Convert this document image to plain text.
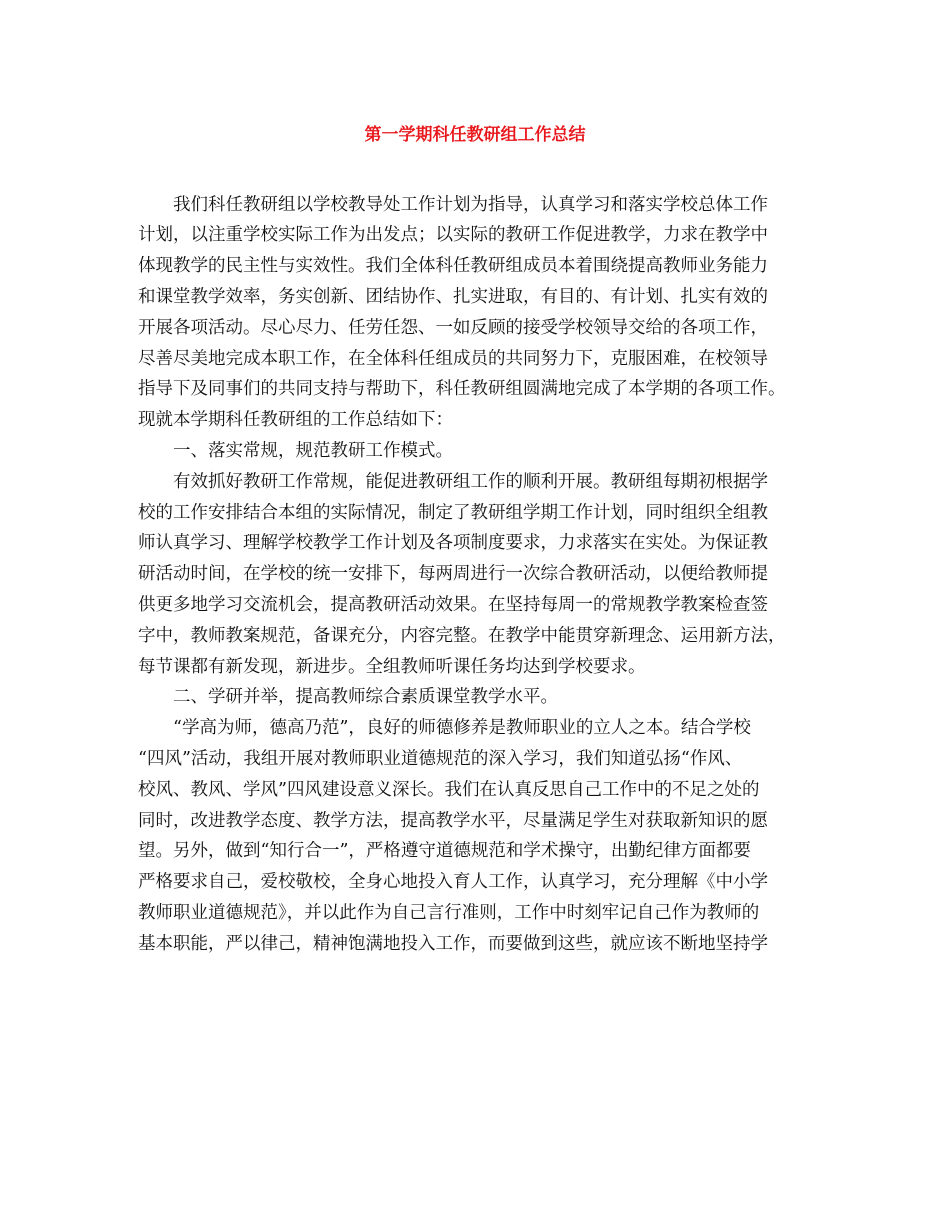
第一学期科任教研组工作总结

我们科任教研组以学校教导处工作计划为指导，认真学习和落实学校总体工作

计划，以注重学校实际工作为出发点；以实际的教研工作促进教学，力求在教学中

体现教学的民主性与实效性。我们全体科任教研组成员本着围绕提高教师业务能力

和课堂教学效率，务实创新、团结协作、扎实进取，有目的、有计划、扎实有效的

开展各项活动。尽心尽力、任劳任怨、一如反顾的接受学校领导交给的各项工作，

尽善尽美地完成本职工作，在全体科任组成员的共同努力下，克服困难，在校领导

指导下及同事们的共同支持与帮助下，科任教研组圆满地完成了本学期的各项工作。

现就本学期科任教研组的工作总结如下：

一、落实常规，规范教研工作模式。

有效抓好教研工作常规，能促进教研组工作的顺利开展。教研组每期初根据学

校的工作安排结合本组的实际情况，制定了教研组学期工作计划，同时组织全组教

师认真学习、理解学校教学工作计划及各项制度要求，力求落实在实处。为保证教

研活动时间，在学校的统一安排下，每两周进行一次综合教研活动，以便给教师提

供更多地学习交流机会，提高教研活动效果。在坚持每周一的常规教学教案检查签

字中，教师教案规范，备课充分，内容完整。在教学中能贯穿新理念、运用新方法，

每节课都有新发现，新进步。全组教师听课任务均达到学校要求。

二、学研并举，提高教师综合素质课堂教学水平。

“学高为师，德高乃范”，良好的师德修养是教师职业的立人之本。结合学校

“四风”活动，我组开展对教师职业道德规范的深入学习，我们知道弘扬“作风、

校风、教风、学风”四风建设意义深长。我们在认真反思自己工作中的不足之处的

同时，改进教学态度、教学方法，提高教学水平，尽量满足学生对获取新知识的愿

望。另外，做到“知行合一”，严格遵守道德规范和学术操守，出勤纪律方面都要

严格要求自己，爱校敬校，全身心地投入育人工作，认真学习，充分理解《中小学

教师职业道德规范》，并以此作为自己言行准则，工作中时刻牢记自己作为教师的

基本职能，严以律己，精神饱满地投入工作，而要做到这些，就应该不断地坚持学
